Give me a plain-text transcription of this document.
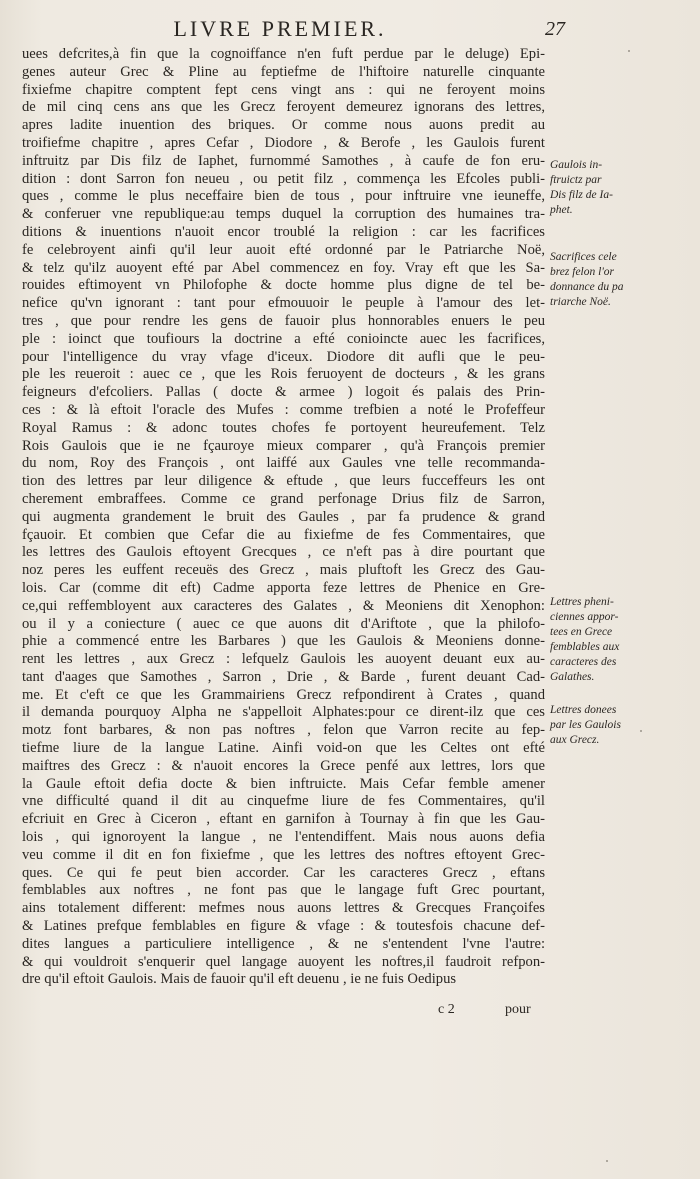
LIVRE PREMIER.	27
uees defcrites,à fin que la cognoiffance n'en fuft perdue par le deluge) Epi-
genes auteur Grec & Pline au feptiefme de l'hiftoire naturelle cinquante
fixiefme chapitre comptent fept cens vingt ans : qui ne feroyent moins
de mil cinq cens ans que les Grecz feroyent demeurez ignorans des lettres,
apres ladite inuention des briques. Or comme nous auons predit au
troifiefme chapitre , apres Cefar , Diodore , & Berofe , les Gaulois furent
inftruitz par Dis filz de Iaphet, furnommé Samothes , à caufe de fon eru-
dition : dont Sarron fon neueu , ou petit filz , commença les Efcoles publi-
ques , comme le plus neceffaire bien de tous , pour inftruire vne ieuneffe,
& conferuer vne republique:au temps duquel la corruption des humaines tra-
ditions & inuentions n'auoit encor troublé la religion : car les facrifices
fe celebroyent ainfi qu'il leur auoit efté ordonné par le Patriarche Noë,
& telz qu'ilz auoyent efté par Abel commencez en foy. Vray eft que les Sa-
rouides eftimoyent vn Philofophe & docte homme plus digne de tel be-
nefice qu'vn ignorant : tant pour efmouuoir le peuple à l'amour des let-
tres , que pour rendre les gens de fauoir plus honnorables enuers le peu
ple : ioinct que toufiours la doctrine a efté conioincte auec les facrifices,
pour l'intelligence du vray vfage d'iceux. Diodore dit aufli que le peu-
ple les reueroit : auec ce , que les Rois feruoyent de docteurs , & les grans
feigneurs d'efcoliers. Pallas ( docte & armee ) logoit és palais des Prin-
ces : & là eftoit l'oracle des Mufes : comme trefbien a noté le Profeffeur
Royal Ramus : & adonc toutes chofes fe portoyent heureufement. Telz
Rois Gaulois que ie ne fçauroye mieux comparer , qu'à François premier
du nom, Roy des François , ont laiffé aux Gaules vne telle recommanda-
tion des lettres par leur diligence & eftude , que leurs fucceffeurs les ont
cherement embraffees. Comme ce grand perfonage Drius filz de Sarron,
qui augmenta grandement le bruit des Gaules , par fa prudence & grand
fçauoir. Et combien que Cefar die au fixiefme de fes Commentaires, que
les lettres des Gaulois eftoyent Grecques , ce n'eft pas à dire pourtant que
noz peres les euffent receuës des Grecz , mais pluftoft les Grecz des Gau-
lois. Car (comme dit eft) Cadme apporta feze lettres de Phenice en Gre-
ce,qui reffembloyent aux caracteres des Galates , & Meoniens dit Xenophon:
ou il y a coniecture ( auec ce que auons dit d'Ariftote , que la philofo-
phie a commencé entre les Barbares ) que les Gaulois & Meoniens donne-
rent les lettres , aux Grecz : lefquelz Gaulois les auoyent deuant eux au-
tant d'aages que Samothes , Sarron , Drie , & Barde , furent deuant Cad-
me. Et c'eft ce que les Grammairiens Grecz refpondirent à Crates , quand
il demanda pourquoy Alpha ne s'appelloit Alphates:pour ce dirent-ilz que ces
motz font barbares, & non pas noftres , felon que Varron recite au fep-
tiefme liure de la langue Latine. Ainfi void-on que les Celtes ont efté
maiftres des Grecz : & n'auoit encores la Grece penfé aux lettres, lors que
la Gaule eftoit defia docte & bien inftruicte. Mais Cefar femble amener
vne difficulté quand il dit au cinquefme liure de fes Commentaires, qu'il
efcriuit en Grec à Ciceron , eftant en garnifon à Tournay à fin que les Gau-
lois , qui ignoroyent la langue , ne l'entendiffent. Mais nous auons defia
veu comme il dit en fon fixiefme , que les lettres des noftres eftoyent Grec-
ques. Ce qui fe peut bien accorder. Car les caracteres Grecz , eftans
femblables aux noftres , ne font pas que le langage fuft Grec pourtant,
ains totalement different: mefmes nous auons lettres & Grecques Françoifes
& Latines prefque femblables en figure & vfage : & toutesfois chacune def-
dites langues a particuliere intelligence , & ne s'entendent l'vne l'autre:
& qui vouldroit s'enquerir quel langage auoyent les noftres,il faudroit refpon-
dre qu'il eftoit Gaulois. Mais de fauoir qu'il eft deuenu , ie ne fuis Oedipus
c 2	pour
Gaulois in-
ftruictz par
Dis filz de Ia-
phet.
Sacrifices cele
brez felon l'or
donnance du pa
triarche Noë.
Lettres pheni-
ciennes appor-
tees en Grece
femblables aux
caracteres des
Galathes.
Lettres donees
par les Gaulois
aux Grecz.
